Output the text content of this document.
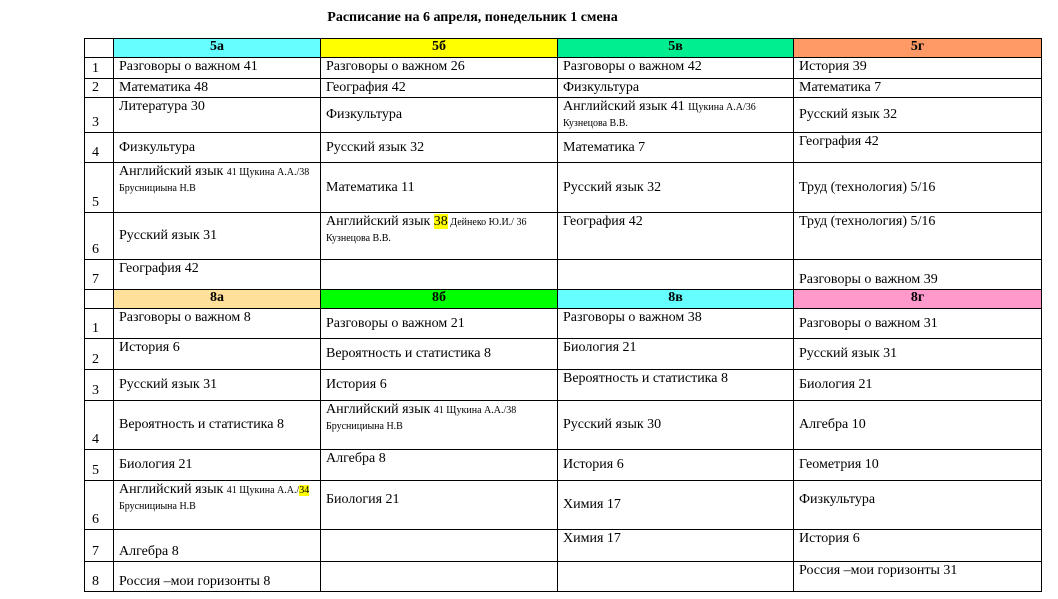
Расписание на 6 апреля, понедельник 1 смена
	5а	5б	5в	5г
1	Разговоры о важном 41	Разговоры о важном 26	Разговоры о важном 42	История 39
2	Математика 48	География 42	Физкультура	Математика 7
3	Литература 30	Физкультура	Английский язык 41 Щукина А.А/36 Кузнецова В.В.	Русский язык 32
4	Физкультура	Русский язык 32	Математика 7	География 42
5	Английский язык 41 Щукина А.А./38 Бруснициына Н.В	Математика 11	Русский язык 32	Труд (технология) 5/16
6	Русский язык 31	Английский язык 38 Дейнеко Ю.И./ 36 Кузнецова В.В.	География 42	Труд (технология) 5/16
7	География 42			Разговоры о важном 39
	8а	8б	8в	8г
1	Разговоры о важном 8	Разговоры о важном 21	Разговоры о важном 38	Разговоры о важном 31
2	История 6	Вероятность и статистика 8	Биология 21	Русский язык 31
3	Русский язык 31	История 6	Вероятность и статистика 8	Биология 21
4	Вероятность и статистика 8	Английский язык 41 Щукина А.А./38 Бруснициына Н.В	Русский язык 30	Алгебра 10
5	Биология 21	Алгебра 8	История 6	Геометрия 10
6	Английский язык 41 Щукина А.А./34 Бруснициына Н.В	Биология 21	Химия 17	Физкультура
7	Алгебра 8		Химия 17	История 6
8	Россия –мои горизонты 8			Россия –мои горизонты 31
